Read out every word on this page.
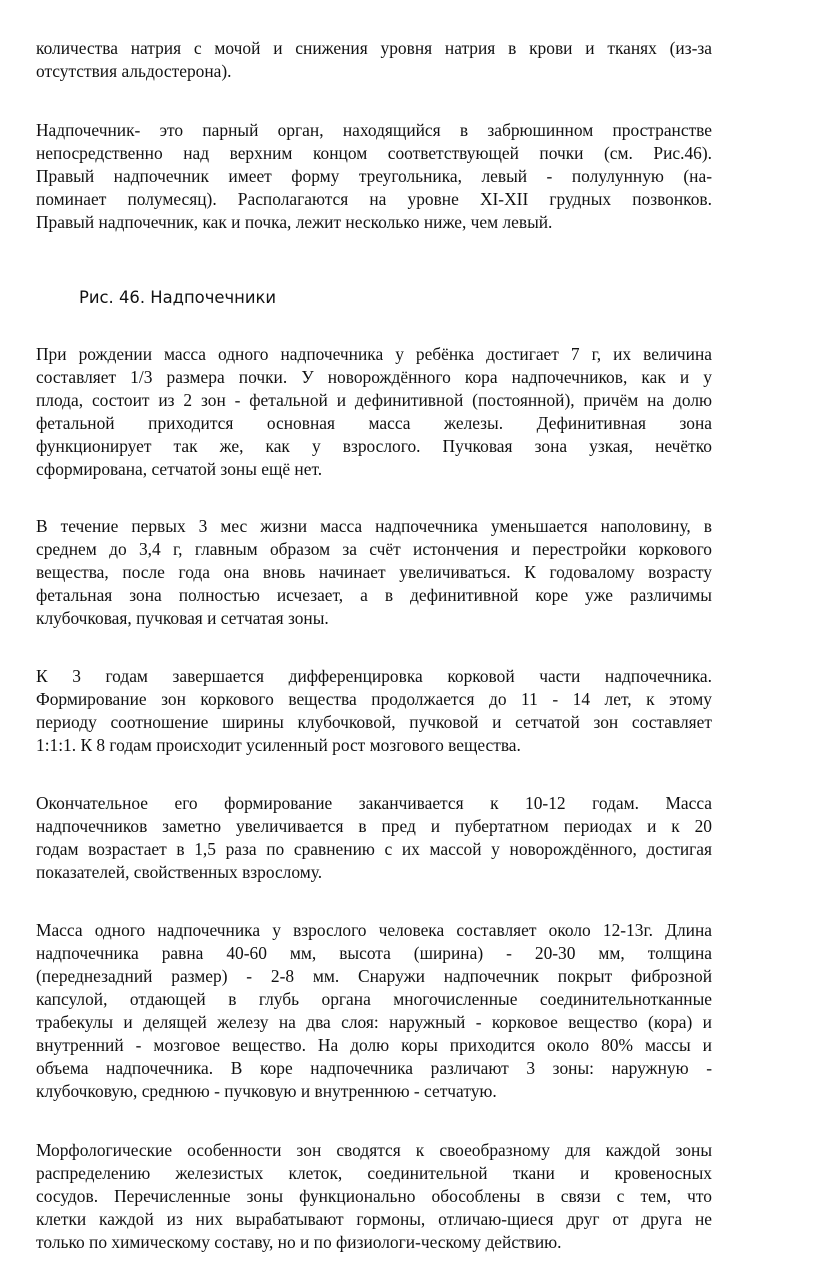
количества натрия с мочой и снижения уровня натрия в крови и тканях (из-за
отсутствия альдостерона).
Надпочечник- это парный орган, находящийся в забрюшинном пространстве
непосредственно над верхним концом соответствующей почки (см. Рис.46).
Правый надпочечник имеет форму треугольника, левый - полулунную (на-
поминает полумесяц). Располагаются на уровне XI-XII грудных позвонков.
Правый надпочечник, как и почка, лежит несколько ниже, чем левый.
Рис. 46. Надпочечники
При рождении масса одного надпочечника у ребёнка достигает 7 г, их величина
составляет 1/3 размера почки. У новорождённого кора надпочечников, как и у
плода, состоит из 2 зон - фетальной и дефинитивной (постоянной), причём на долю
фетальной приходится основная масса железы. Дефинитивная зона
функционирует так же, как у взрослого. Пучковая зона узкая, нечётко
сформирована, сетчатой зоны ещё нет.
В течение первых 3 мес жизни масса надпочечника уменьшается наполовину, в
среднем до 3,4 г, главным образом за счёт истончения и перестройки коркового
вещества, после года она вновь начинает увеличиваться. К годовалому возрасту
фетальная зона полностью исчезает, а в дефинитивной коре уже различимы
клубочковая, пучковая и сетчатая зоны.
К 3 годам завершается дифференцировка корковой части надпочечника.
Формирование зон коркового вещества продолжается до 11 - 14 лет, к этому
периоду соотношение ширины клубочковой, пучковой и сетчатой зон составляет
1:1:1. К 8 годам происходит усиленный рост мозгового вещества.
Окончательное его формирование заканчивается к 10-12 годам. Масса
надпочечников заметно увеличивается в пред и пубертатном периодах и к 20
годам возрастает в 1,5 раза по сравнению с их массой у новорождённого, достигая
показателей, свойственных взрослому.
Масса одного надпочечника у взрослого человека составляет около 12-13г. Длина
надпочечника равна 40-60 мм, высота (ширина) - 20-30 мм, толщина
(переднезадний размер) - 2-8 мм. Снаружи надпочечник покрыт фиброзной
капсулой, отдающей в глубь органа многочисленные соединительнотканные
трабекулы и делящей железу на два слоя: наружный - корковое вещество (кора) и
внутренний - мозговое вещество. На долю коры приходится около 80% массы и
объема надпочечника. В коре надпочечника различают 3 зоны: наружную -
клубочковую, среднюю - пучковую и внутреннюю - сетчатую.
Морфологические особенности зон сводятся к своеобразному для каждой зоны
распределению железистых клеток, соединительной ткани и кровеносных
сосудов. Перечисленные зоны функционально обособлены в связи с тем, что
клетки каждой из них вырабатывают гормоны, отличаю-щиеся друг от друга не
только по химическому составу, но и по физиологи-ческому действию.
